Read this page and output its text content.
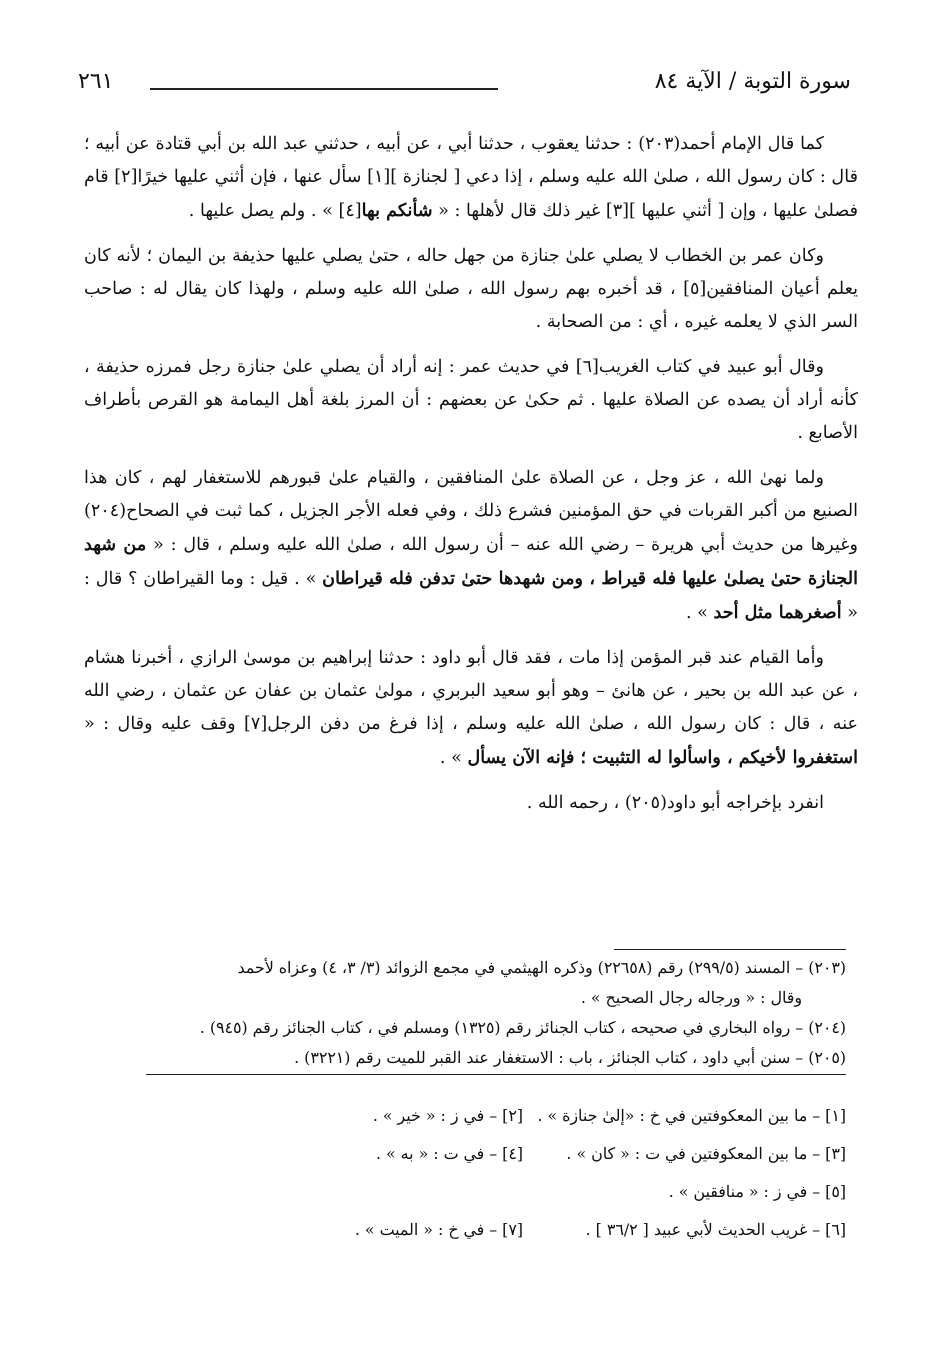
سورة التوبة / الآية ٨٤
٢٦١

كما قال الإمام أحمد(٢٠٣) : حدثنا يعقوب ، حدثنا أبي ، عن أبيه ، حدثني عبد الله بن أبي قتادة عن أبيه ؛ قال : كان رسول الله ، صلىٰ الله عليه وسلم ، إذا دعي [ لجنازة ][١] سأل عنها ، فإن أثني عليها خيرًا[٢] قام فصلىٰ عليها ، وإن [ أثني عليها ][٣] غير ذلك قال لأهلها : « شأنكم بها[٤] » . ولم يصل عليها .

وكان عمر بن الخطاب لا يصلي علىٰ جنازة من جهل حاله ، حتىٰ يصلي عليها حذيفة بن اليمان ؛ لأنه كان يعلم أعيان المنافقين[٥] ، قد أخبره بهم رسول الله ، صلىٰ الله عليه وسلم ، ولهذا كان يقال له : صاحب السر الذي لا يعلمه غيره ، أي : من الصحابة .

وقال أبو عبيد في كتاب الغريب[٦] في حديث عمر : إنه أراد أن يصلي علىٰ جنازة رجل فمرزه حذيفة ، كأنه أراد أن يصده عن الصلاة عليها . ثم حكىٰ عن بعضهم : أن المرز بلغة أهل اليمامة هو القرص بأطراف الأصابع .

ولما نهىٰ الله ، عز وجل ، عن الصلاة علىٰ المنافقين ، والقيام علىٰ قبورهم للاستغفار لهم ، كان هذا الصنيع من أكبر القربات في حق المؤمنين فشرع ذلك ، وفي فعله الأجر الجزيل ، كما ثبت في الصحاح(٢٠٤) وغيرها من حديث أبي هريرة – رضي الله عنه – أن رسول الله ، صلىٰ الله عليه وسلم ، قال : « من شهد الجنازة حتىٰ يصلىٰ عليها فله قيراط ، ومن شهدها حتىٰ تدفن فله قيراطان » . قيل : وما القيراطان ؟ قال : « أصغرهما مثل أحد » .

وأما القيام عند قبر المؤمن إذا مات ، فقد قال أبو داود : حدثنا إبراهيم بن موسىٰ الرازي ، أخبرنا هشام ، عن عبد الله بن بحير ، عن هانئ – وهو أبو سعيد البربري ، مولىٰ عثمان بن عفان عن عثمان ، رضي الله عنه ، قال : كان رسول الله ، صلىٰ الله عليه وسلم ، إذا فرغ من دفن الرجل[٧] وقف عليه وقال : « استغفروا لأخيكم ، واسألوا له التثبيت ؛ فإنه الآن يسأل » .

انفرد بإخراجه أبو داود(٢٠٥) ، رحمه الله .

(٢٠٣) – المسند (٢٩٩/٥) رقم (٢٢٦٥٨) وذكره الهيثمي في مجمع الزوائد (٣/ ٣، ٤) وعزاه لأحمد
وقال : « ورجاله رجال الصحيح » .
(٢٠٤) – رواه البخاري في صحيحه ، كتاب الجنائز رقم (١٣٢٥) ومسلم في ، كتاب الجنائز رقم (٩٤٥) .
(٢٠٥) – سنن أبي داود ، كتاب الجنائز ، باب : الاستغفار عند القبر للميت رقم (٣٢٢١) .
[١] – ما بين المعكوفتين في خ : «إلىٰ جنازة » .
[٢] – في ز : « خير » .
[٣] – ما بين المعكوفتين في ت : « كان » .
[٤] – في ت : « به » .
[٥] – في ز : « منافقين » .
[٦] – غريب الحديث لأبي عبيد [ ٣٦/٢ ] .
[٧] – في خ : « الميت » .
